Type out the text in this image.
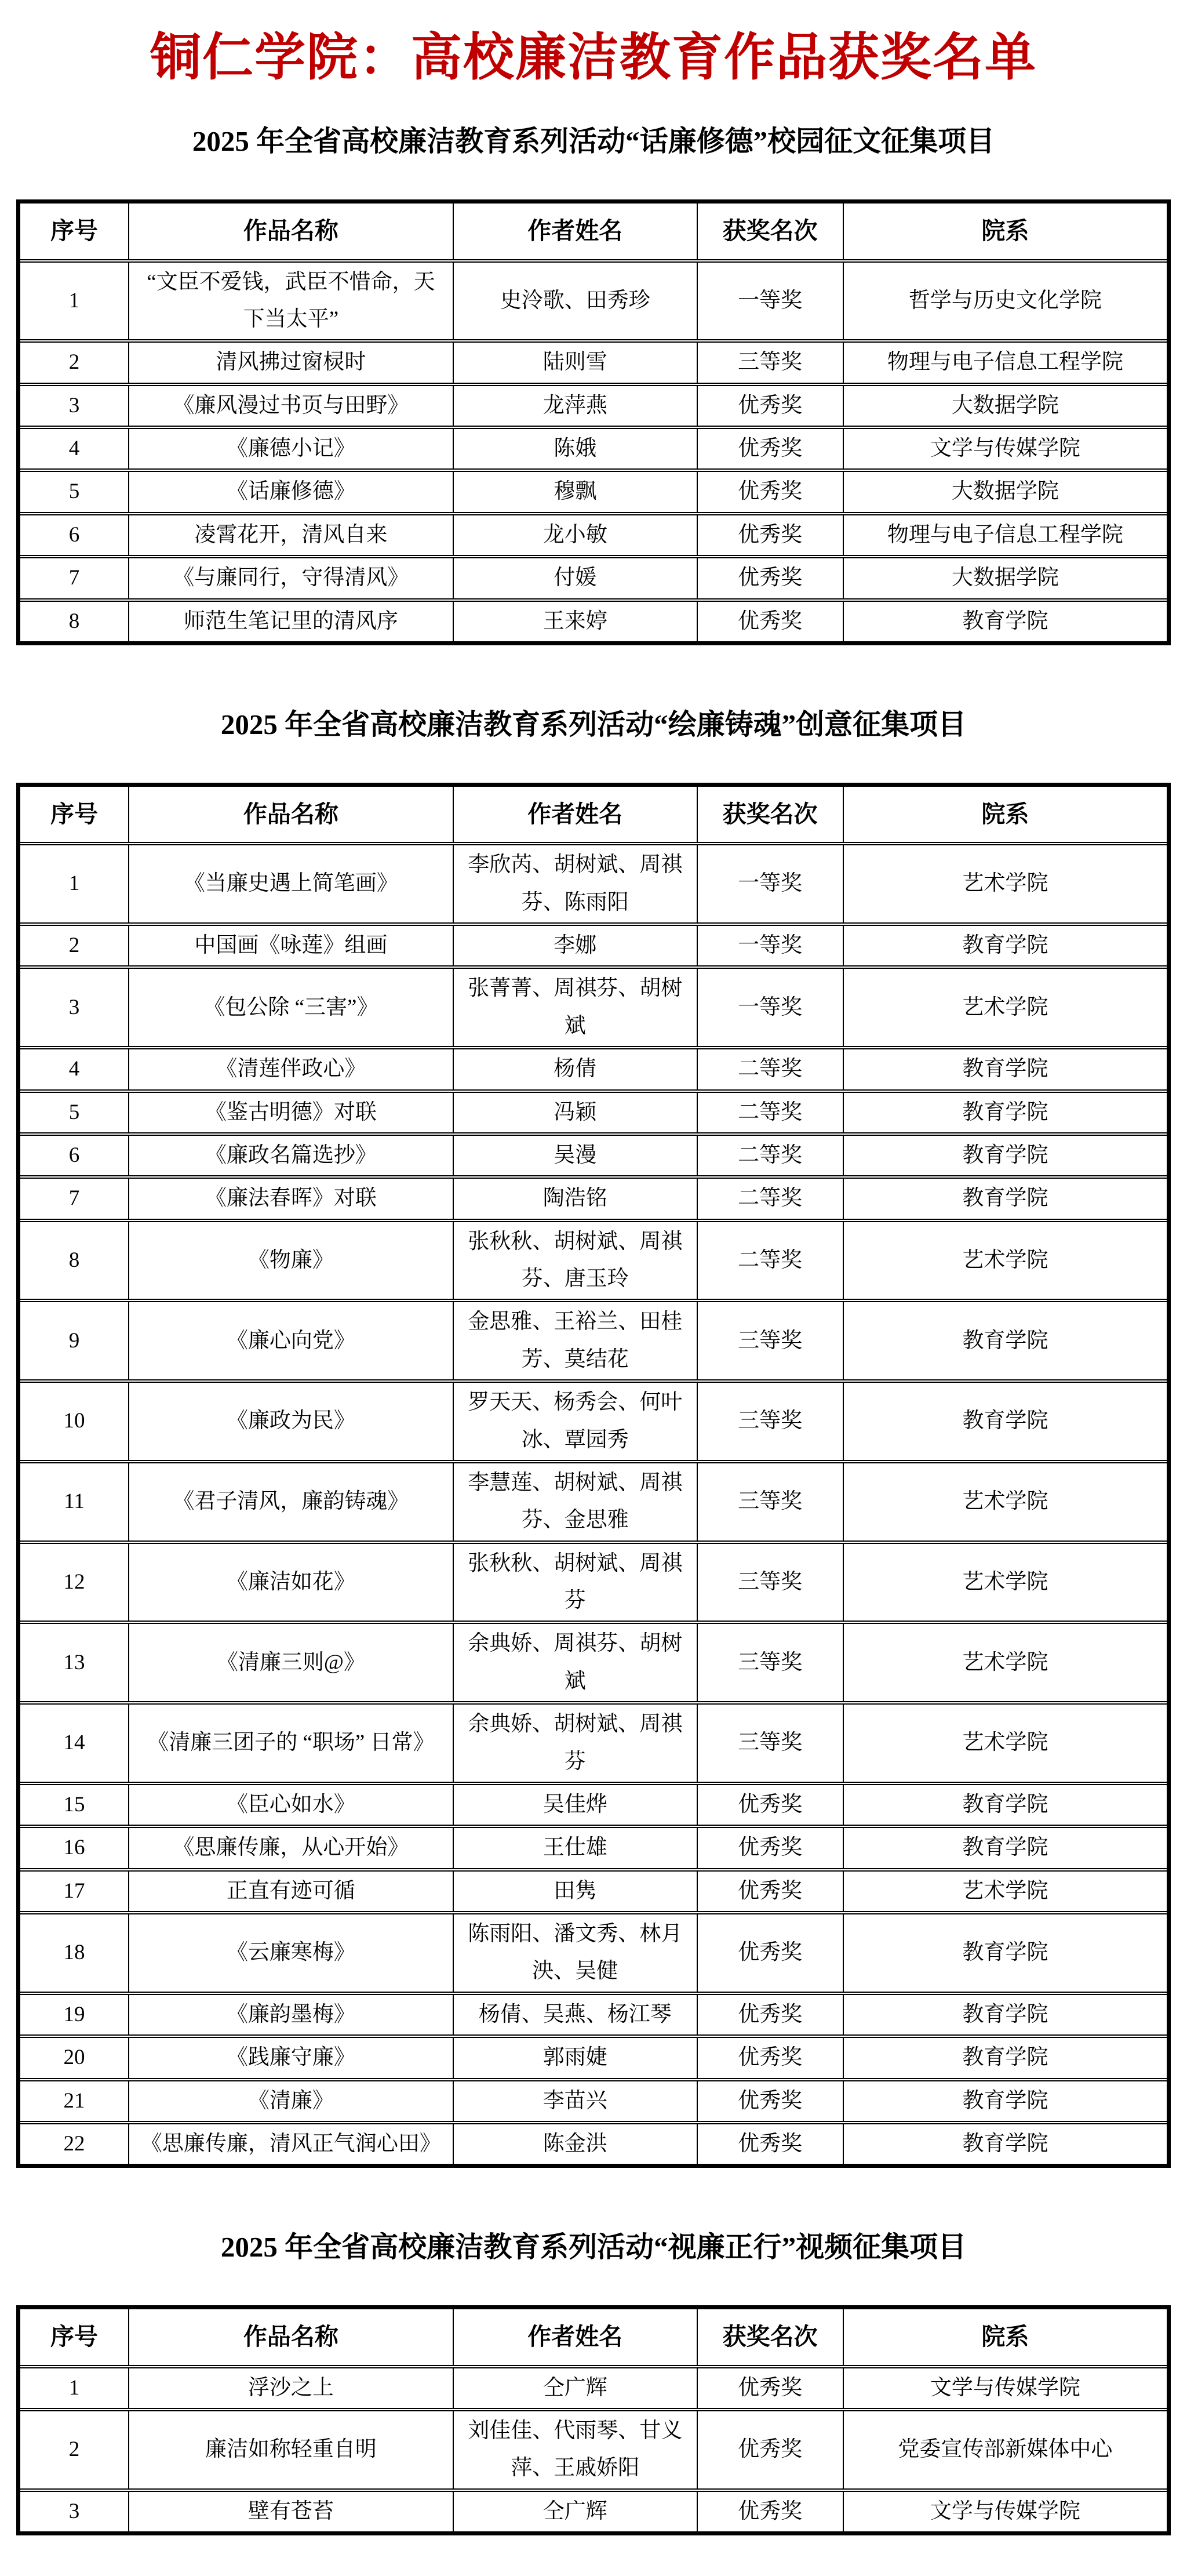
铜仁学院：高校廉洁教育作品获奖名单
2025 年全省高校廉洁教育系列活动“话廉修德”校园征文征集项目
序号	作品名称	作者姓名	获奖名次	院系
1	“文臣不爱钱，武臣不惜命，天下当太平”	史泠歌、田秀珍	一等奖	哲学与历史文化学院
2	清风拂过窗棂时	陆则雪	三等奖	物理与电子信息工程学院
3	《廉风漫过书页与田野》	龙萍燕	优秀奖	大数据学院
4	《廉德小记》	陈娥	优秀奖	文学与传媒学院
5	《话廉修德》	穆飘	优秀奖	大数据学院
6	凌霄花开，清风自来	龙小敏	优秀奖	物理与电子信息工程学院
7	《与廉同行，守得清风》	付媛	优秀奖	大数据学院
8	师范生笔记里的清风序	王来婷	优秀奖	教育学院
2025 年全省高校廉洁教育系列活动“绘廉铸魂”创意征集项目
序号	作品名称	作者姓名	获奖名次	院系
1	《当廉史遇上简笔画》	李欣芮、胡树斌、周祺芬、陈雨阳	一等奖	艺术学院
2	中国画《咏莲》组画	李娜	一等奖	教育学院
3	《包公除 “三害”》	张菁菁、周祺芬、胡树斌	一等奖	艺术学院
4	《清莲伴政心》	杨倩	二等奖	教育学院
5	《鉴古明德》对联	冯颖	二等奖	教育学院
6	《廉政名篇选抄》	吴漫	二等奖	教育学院
7	《廉法春晖》对联	陶浩铭	二等奖	教育学院
8	《物廉》	张秋秋、胡树斌、周祺芬、唐玉玲	二等奖	艺术学院
9	《廉心向党》	金思雅、王裕兰、田桂芳、莫结花	三等奖	教育学院
10	《廉政为民》	罗天天、杨秀会、何叶冰、覃园秀	三等奖	教育学院
11	《君子清风，廉韵铸魂》	李慧莲、胡树斌、周祺芬、金思雅	三等奖	艺术学院
12	《廉洁如花》	张秋秋、胡树斌、周祺芬	三等奖	艺术学院
13	《清廉三则@》	余典娇、周祺芬、胡树斌	三等奖	艺术学院
14	《清廉三团子的 “职场” 日常》	余典娇、胡树斌、周祺芬	三等奖	艺术学院
15	《臣心如水》	吴佳烨	优秀奖	教育学院
16	《思廉传廉，从心开始》	王仕雄	优秀奖	教育学院
17	正直有迹可循	田隽	优秀奖	艺术学院
18	《云廉寒梅》	陈雨阳、潘文秀、林月泱、吴健	优秀奖	教育学院
19	《廉韵墨梅》	杨倩、吴燕、杨江琴	优秀奖	教育学院
20	《践廉守廉》	郭雨婕	优秀奖	教育学院
21	《清廉》	李苗兴	优秀奖	教育学院
22	《思廉传廉，清风正气润心田》	陈金洪	优秀奖	教育学院
2025 年全省高校廉洁教育系列活动“视廉正行”视频征集项目
序号	作品名称	作者姓名	获奖名次	院系
1	浮沙之上	仝广辉	优秀奖	文学与传媒学院
2	廉洁如称轻重自明	刘佳佳、代雨琴、甘义萍、王戚娇阳	优秀奖	党委宣传部新媒体中心
3	壁有苍苔	仝广辉	优秀奖	文学与传媒学院
